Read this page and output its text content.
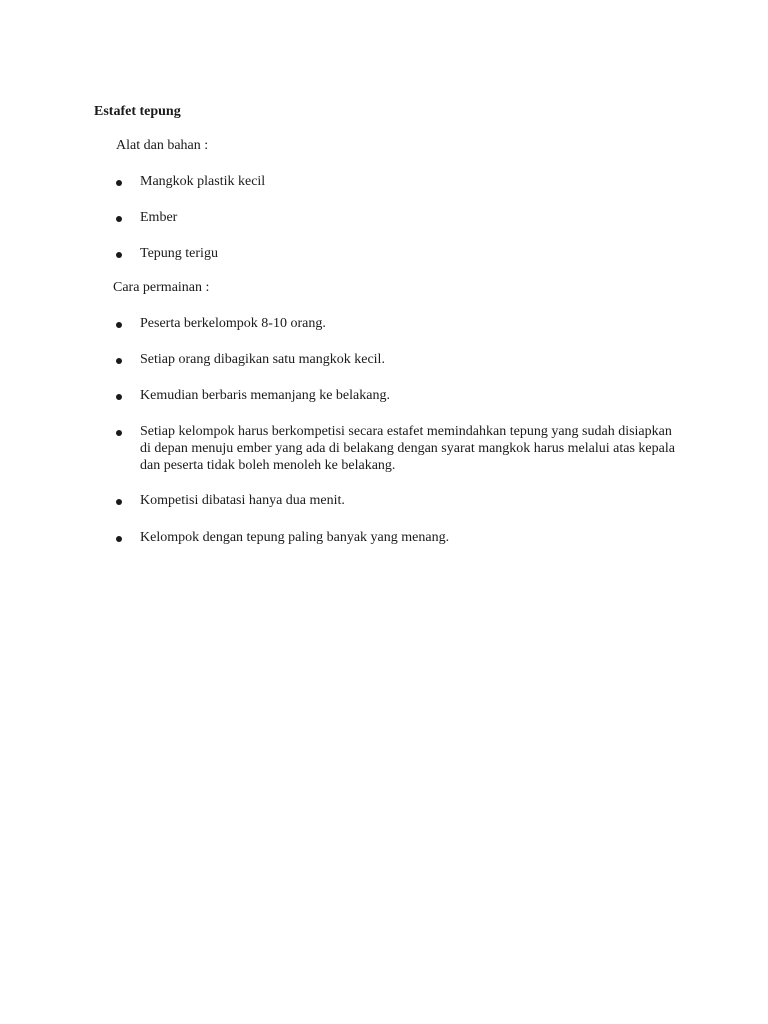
Estafet tepung

Alat dan bahan :

Mangkok plastik kecil
Ember
Tepung terigu

Cara permainan :

Peserta berkelompok 8-10 orang.
Setiap orang dibagikan satu mangkok kecil.
Kemudian berbaris memanjang ke belakang.
Setiap kelompok harus berkompetisi secara estafet memindahkan tepung yang sudah disiapkan di depan menuju ember yang ada di belakang dengan syarat mangkok harus melalui atas kepala dan peserta tidak boleh menoleh ke belakang.
Kompetisi dibatasi hanya dua menit.
Kelompok dengan tepung paling banyak yang menang.
